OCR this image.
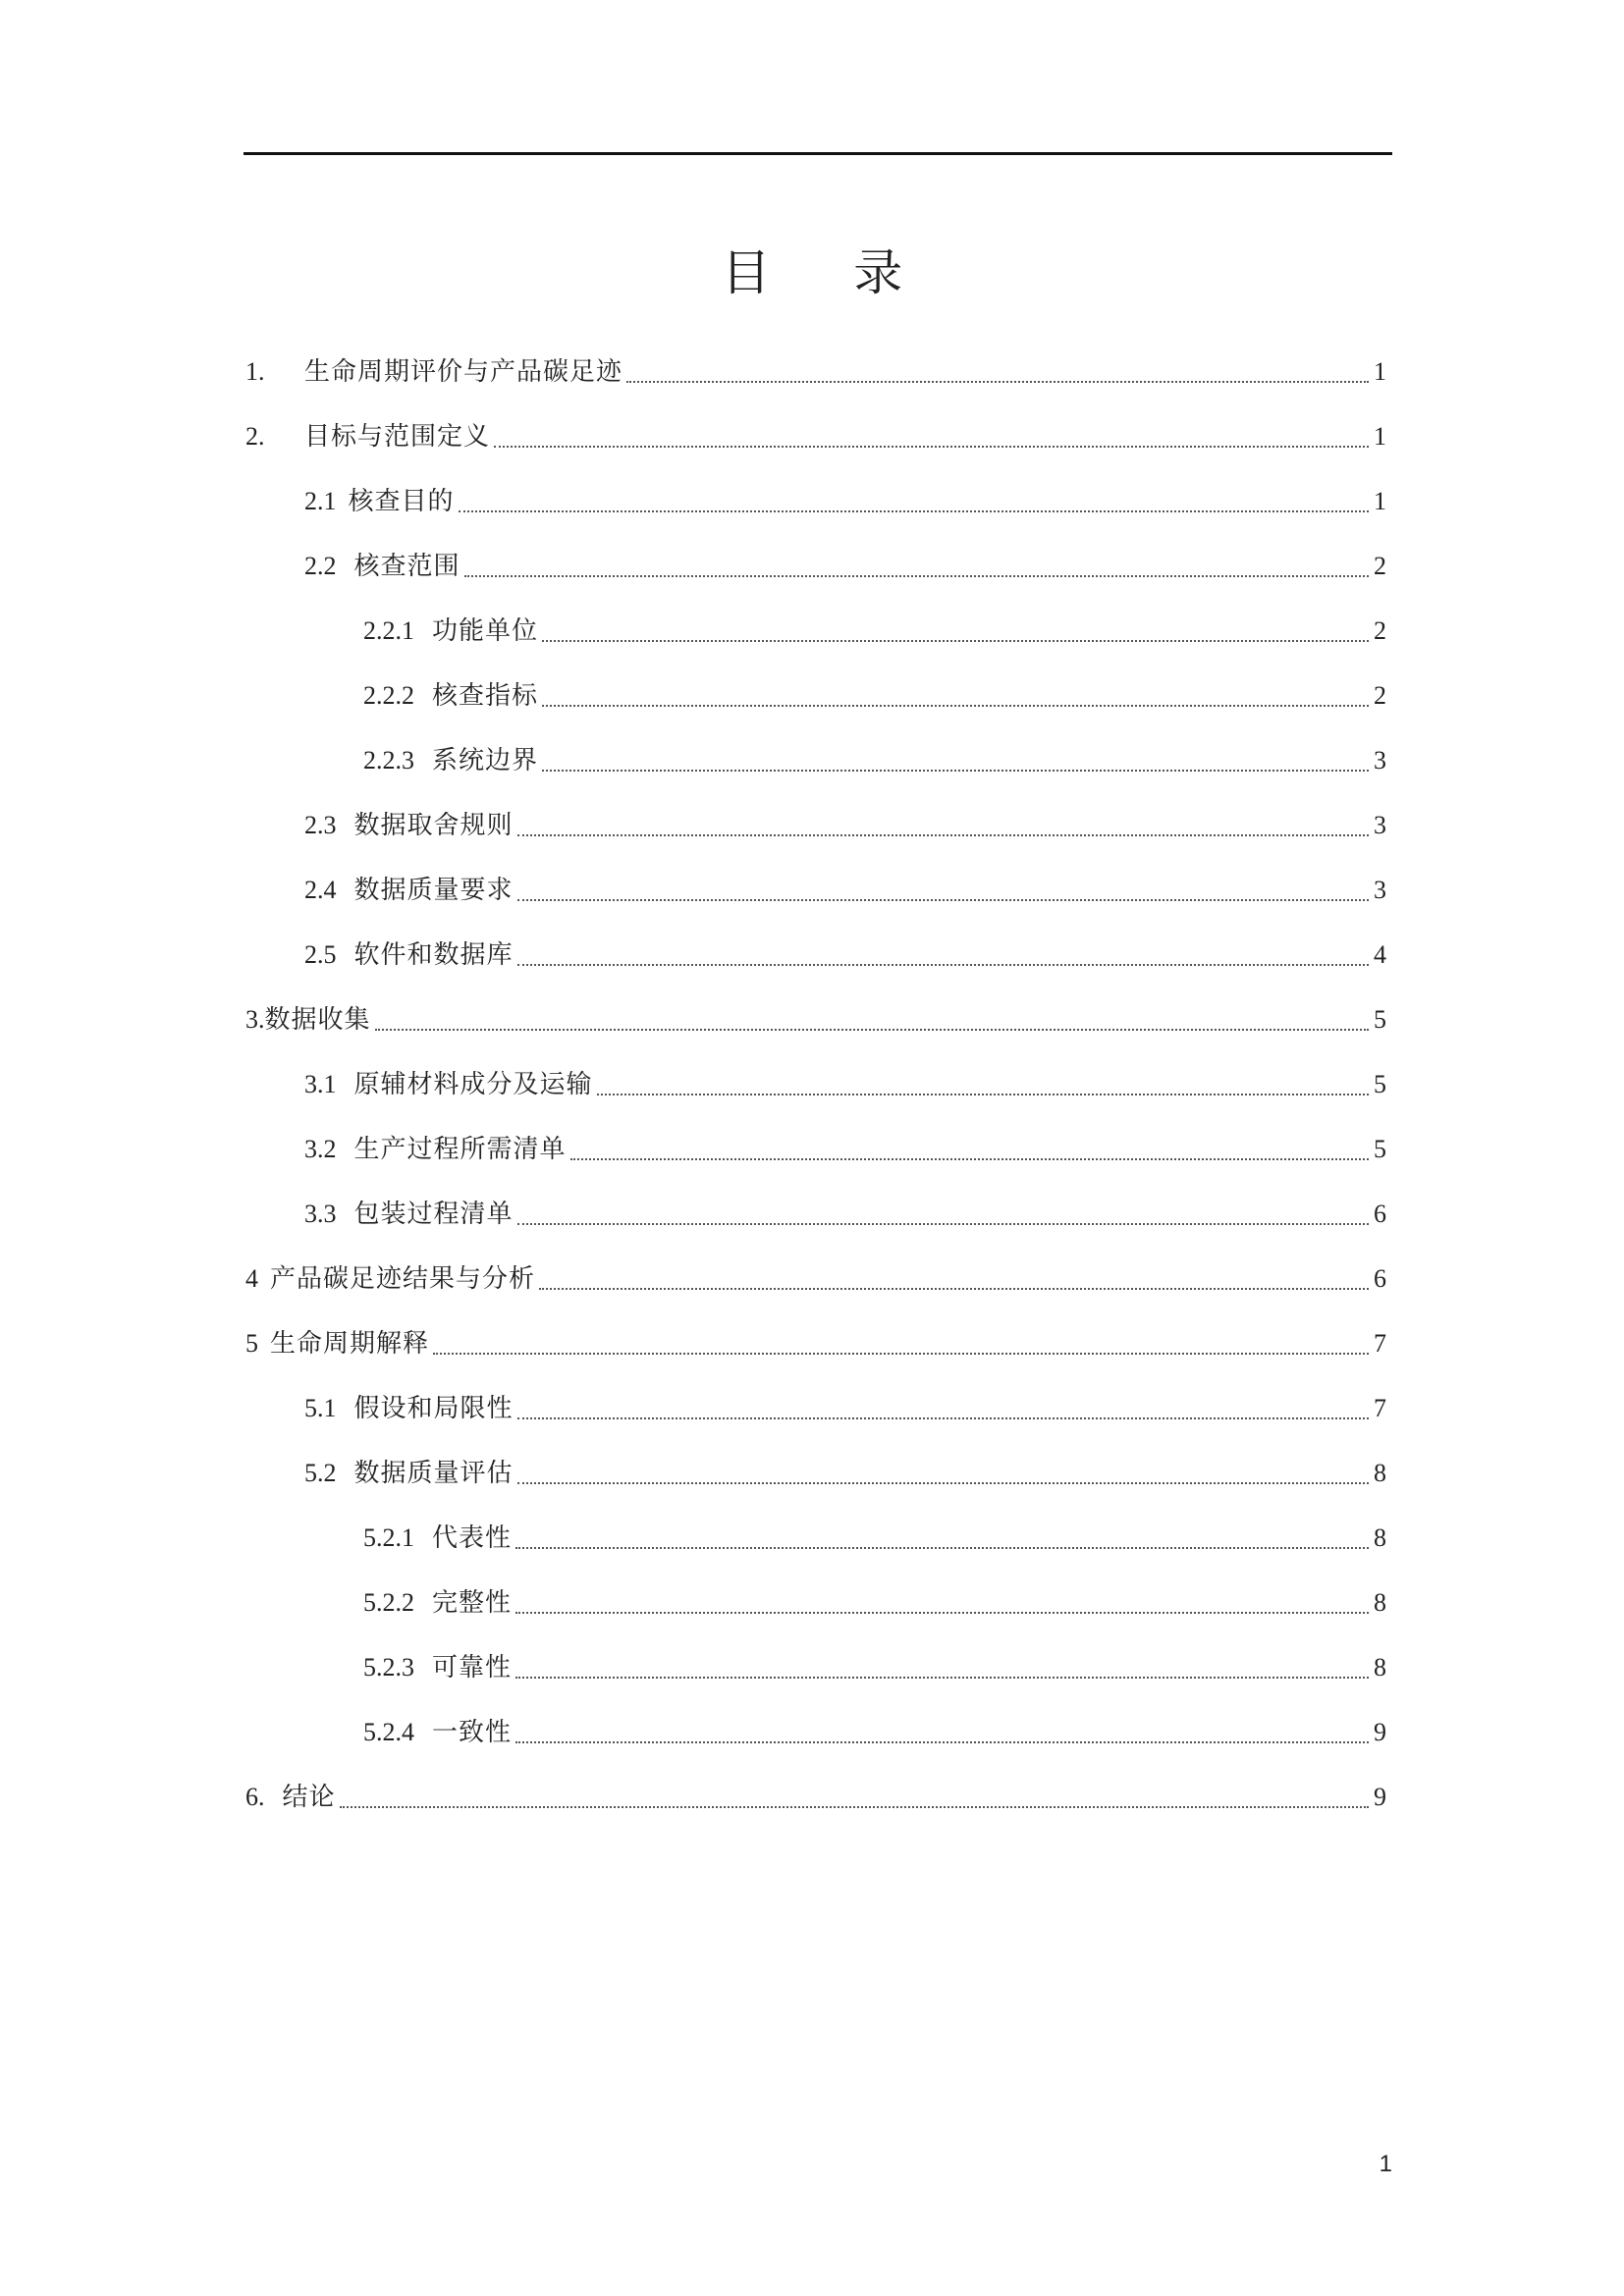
目 录
1.	生命周期评价与产品碳足迹	1
2.	目标与范围定义	1
2.1 核查目的	1
2.2 核查范围	2
2.2.1 功能单位	2
2.2.2 核查指标	2
2.2.3 系统边界	3
2.3 数据取舍规则	3
2.4 数据质量要求	3
2.5 软件和数据库	4
3. 数据收集	5
3.1 原辅材料成分及运输	5
3.2 生产过程所需清单	5
3.3 包装过程清单	6
4 产品碳足迹结果与分析	6
5 生命周期解释	7
5.1 假设和局限性	7
5.2 数据质量评估	8
5.2.1 代表性	8
5.2.2 完整性	8
5.2.3 可靠性	8
5.2.4 一致性	9
6. 结论	9
1
